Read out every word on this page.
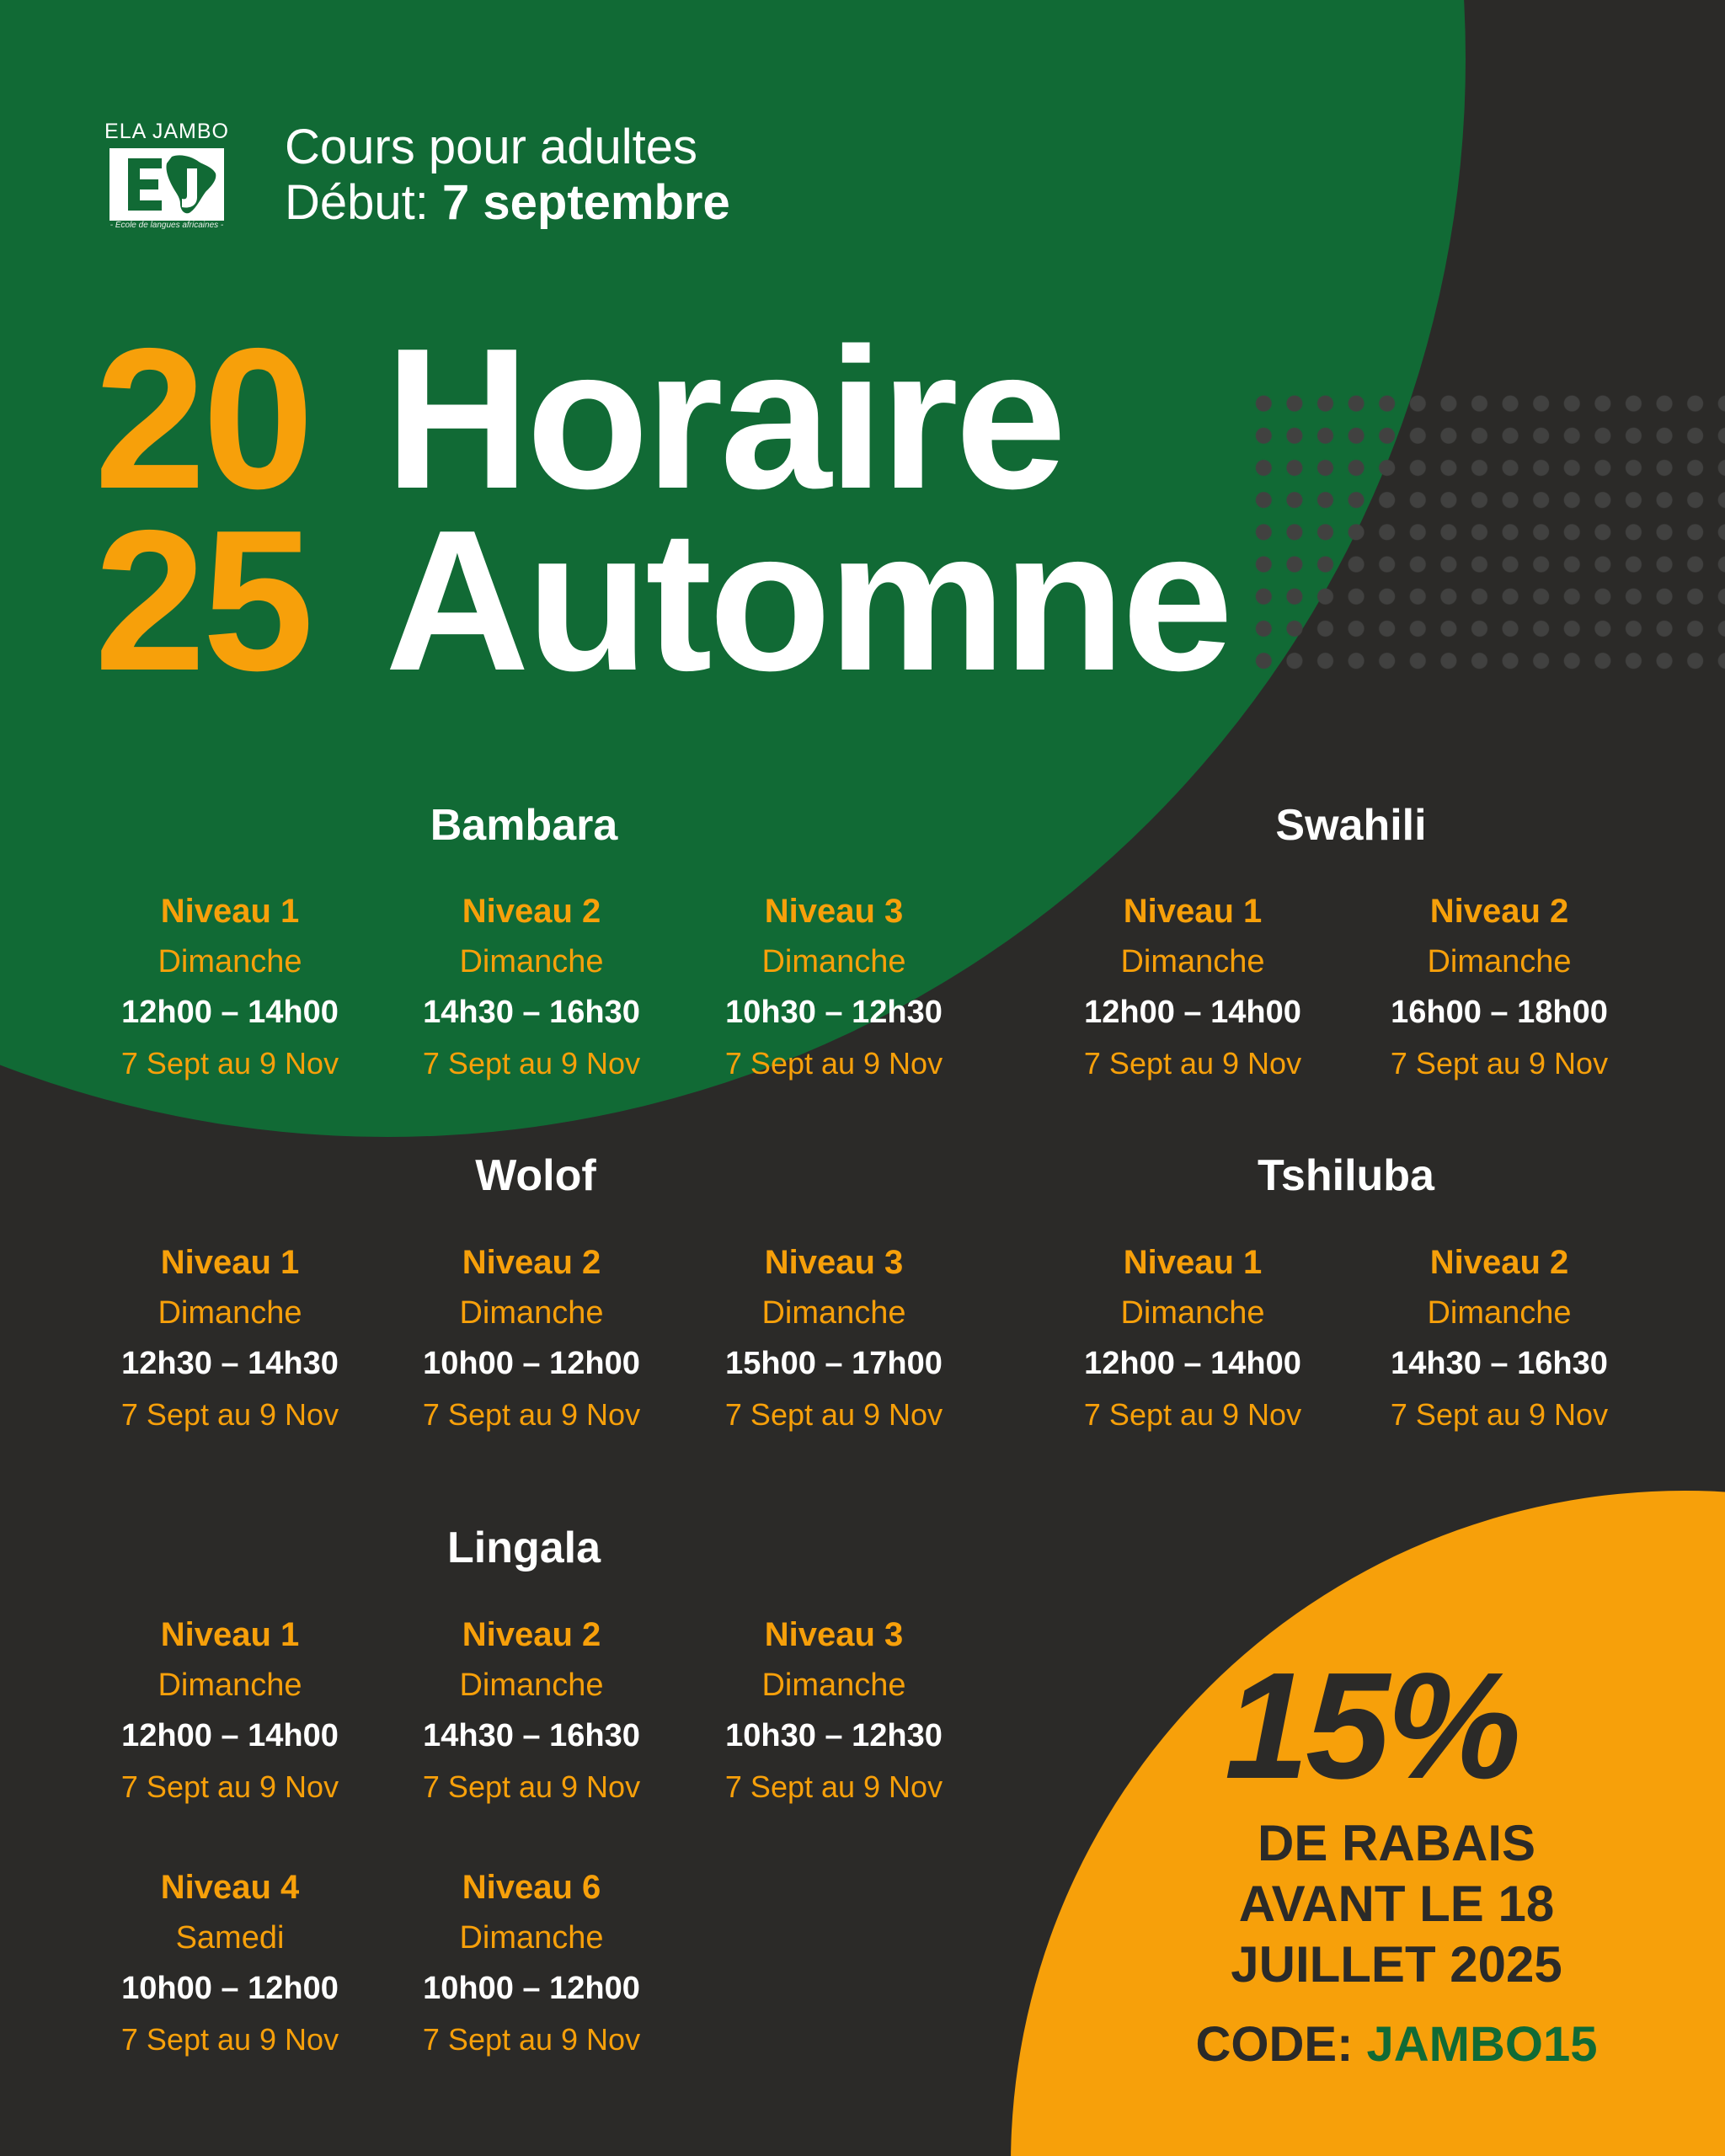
ELA JAMBO
- École de langues africaines -
Cours pour adultes
Début: 7 septembre
20 Horaire
25 Automne
Bambara
Niveau 1
Dimanche
12h00 – 14h00
7 Sept au 9 Nov
Niveau 2
Dimanche
14h30 – 16h30
7 Sept au 9 Nov
Niveau 3
Dimanche
10h30 – 12h30
7 Sept au 9 Nov
Swahili
Niveau 1
Dimanche
12h00 – 14h00
7 Sept au 9 Nov
Niveau 2
Dimanche
16h00 – 18h00
7 Sept au 9 Nov
Wolof
Niveau 1
Dimanche
12h30 – 14h30
7 Sept au 9 Nov
Niveau 2
Dimanche
10h00 – 12h00
7 Sept au 9 Nov
Niveau 3
Dimanche
15h00 – 17h00
7 Sept au 9 Nov
Tshiluba
Niveau 1
Dimanche
12h00 – 14h00
7 Sept au 9 Nov
Niveau 2
Dimanche
14h30 – 16h30
7 Sept au 9 Nov
Lingala
Niveau 1
Dimanche
12h00 – 14h00
7 Sept au 9 Nov
Niveau 2
Dimanche
14h30 – 16h30
7 Sept au 9 Nov
Niveau 3
Dimanche
10h30 – 12h30
7 Sept au 9 Nov
Niveau 4
Samedi
10h00 – 12h00
7 Sept au 9 Nov
Niveau 6
Dimanche
10h00 – 12h00
7 Sept au 9 Nov
15%
DE RABAIS
AVANT LE 18
JUILLET 2025
CODE: JAMBO15
